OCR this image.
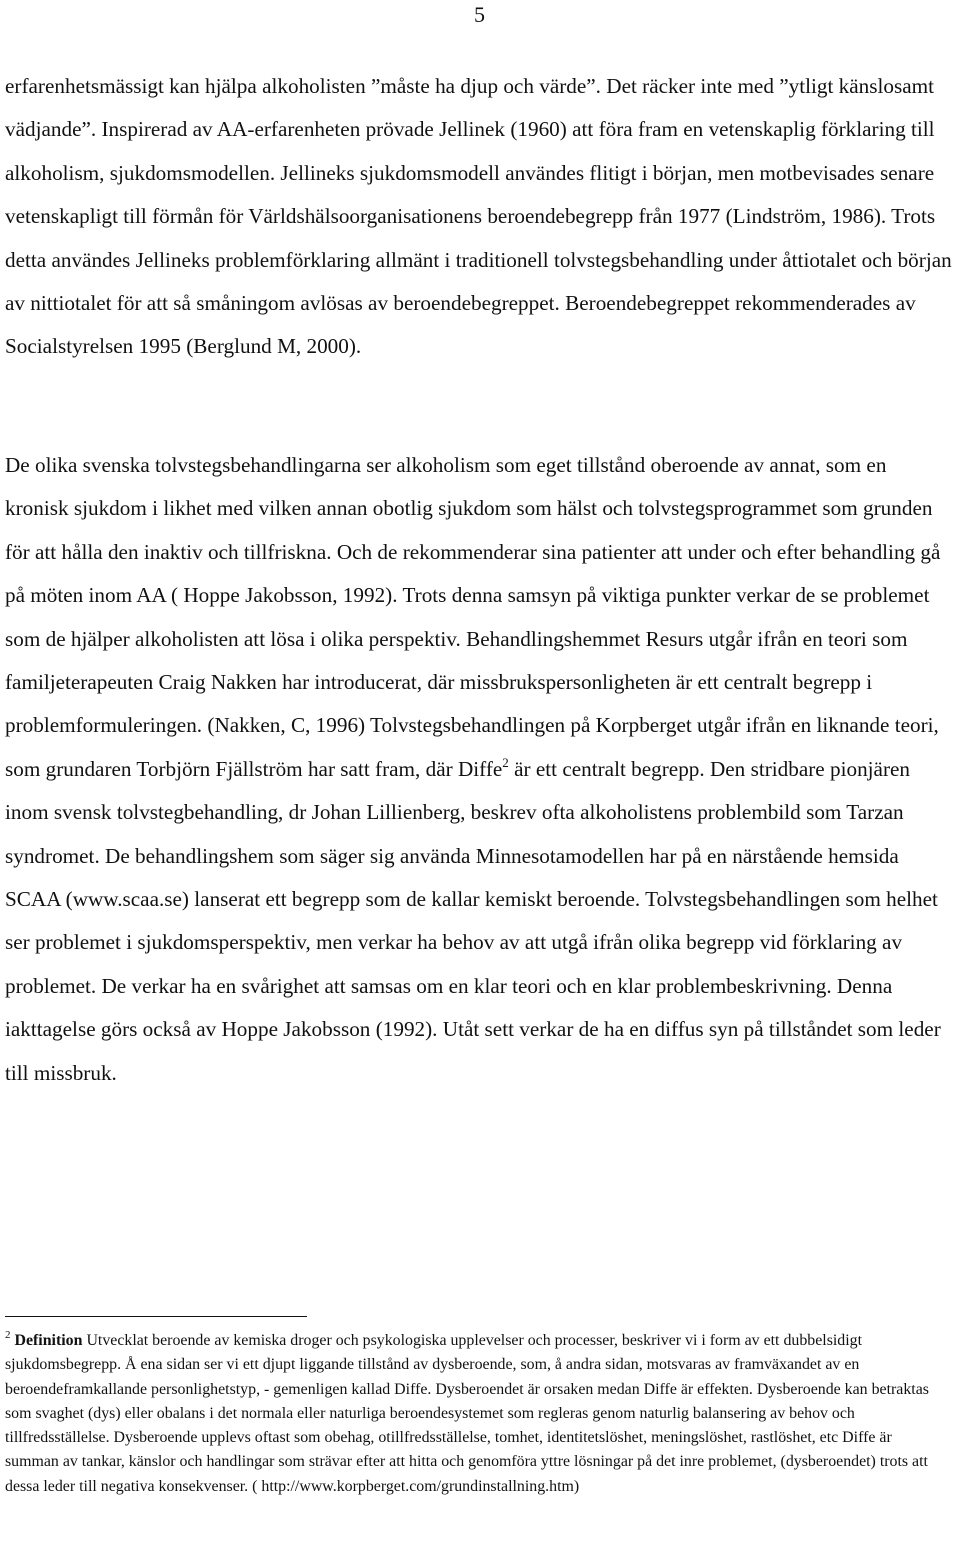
5

erfarenhetsmässigt kan hjälpa alkoholisten ”måste ha djup och värde”. Det räcker inte med ”ytligt känslosamt vädjande”. Inspirerad av AA-erfarenheten prövade Jellinek (1960) att föra fram en vetenskaplig förklaring till alkoholism, sjukdomsmodellen. Jellineks sjukdomsmodell användes flitigt i början, men motbevisades senare vetenskapligt till förmån för Världshälsoorganisationens beroendebegrepp från 1977 (Lindström, 1986). Trots detta användes Jellineks problemförklaring allmänt i traditionell tolvstegsbehandling under åttiotalet och början av nittiotalet för att så småningom avlösas av beroendebegreppet. Beroendebegreppet rekommenderades av Socialstyrelsen 1995 (Berglund M, 2000).

De olika svenska tolvstegsbehandlingarna ser alkoholism som eget tillstånd oberoende av annat, som en kronisk sjukdom i likhet med vilken annan obotlig sjukdom som hälst och tolvstegsprogrammet som grunden för att hålla den inaktiv och tillfriskna. Och de rekommenderar sina patienter att under och efter behandling gå på möten inom AA ( Hoppe Jakobsson, 1992). Trots denna samsyn på viktiga punkter verkar de se problemet som de hjälper alkoholisten att lösa i olika perspektiv. Behandlingshemmet Resurs utgår ifrån en teori som familjeterapeuten Craig Nakken har introducerat, där missbrukspersonligheten är ett centralt begrepp i problemformuleringen. (Nakken, C, 1996) Tolvstegsbehandlingen på Korpberget utgår ifrån en liknande teori, som grundaren Torbjörn Fjällström har satt fram, där Diffe$^2$ är ett centralt begrepp. Den stridbare pionjären inom svensk tolvstegbehandling, dr Johan Lillienberg, beskrev ofta alkoholistens problembild som Tarzan syndromet. De behandlingshem som säger sig använda Minnesotamodellen har på en närstående hemsida SCAA (www.scaa.se) lanserat ett begrepp som de kallar kemiskt beroende. Tolvstegsbehandlingen som helhet ser problemet i sjukdomsperspektiv, men verkar ha behov av att utgå ifrån olika begrepp vid förklaring av problemet. De verkar ha en svårighet att samsas om en klar teori och en klar problembeskrivning. Denna iakttagelse görs också av Hoppe Jakobsson (1992). Utåt sett verkar de ha en diffus syn på tillståndet som leder till missbruk.

$^2$ Definition Utvecklat beroende av kemiska droger och psykologiska upplevelser och processer, beskriver vi i form av ett dubbelsidigt sjukdomsbegrepp. Å ena sidan ser vi ett djupt liggande tillstånd av dysberoende, som, å andra sidan, motsvaras av framväxandet av en beroendeframkallande personlighetstyp, - gemenligen kallad Diffe. Dysberoendet är orsaken medan Diffe är effekten. Dysberoende kan betraktas som svaghet (dys) eller obalans i det normala eller naturliga beroendesystemet som regleras genom naturlig balansering av behov och tillfredsställelse. Dysberoende upplevs oftast som obehag, otillfredsställelse, tomhet, identitetslöshet, meningslöshet, rastlöshet, etc Diffe är summan av tankar, känslor och handlingar som strävar efter att hitta och genomföra yttre lösningar på det inre problemet, (dysberoendet) trots att dessa leder till negativa konsekvenser. ( http://www.korpberget.com/grundinstallning.htm)
